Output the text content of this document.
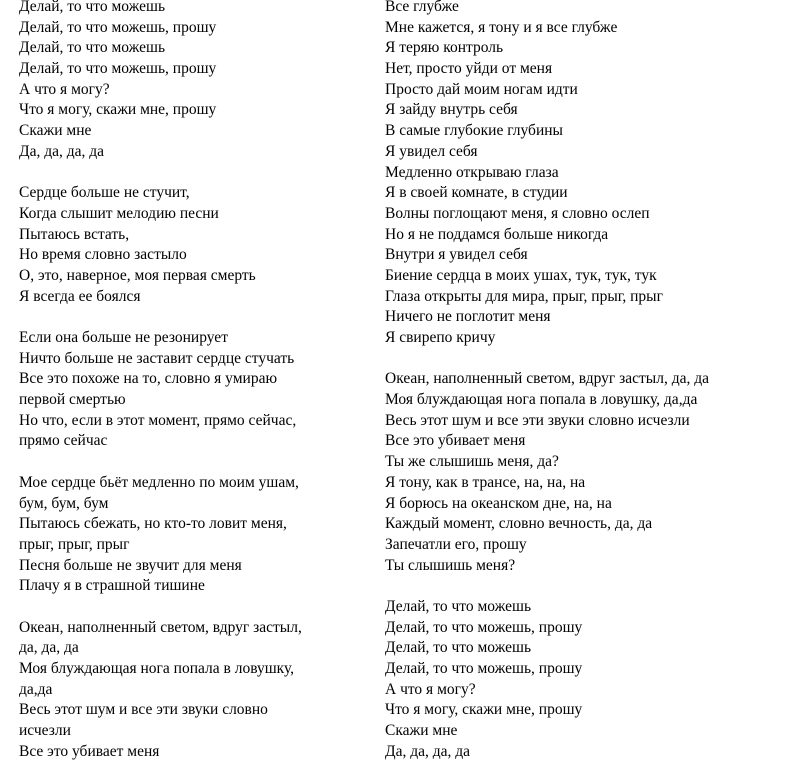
Делай, то что можешь
Делай, то что можешь, прошу
Делай, то что можешь
Делай, то что можешь, прошу
А что я могу?
Что я могу, скажи мне, прошу
Скажи мне
Да, да, да, да
Сердце больше не стучит,
Когда слышит мелодию песни
Пытаюсь встать,
Но время словно застыло
О, это, наверное, моя первая смерть
Я всегда ее боялся
Если она больше не резонирует
Ничто больше не заставит сердце стучать
Все это похоже на то, словно я умираю
первой смертью
Но что, если в этот момент, прямо сейчас,
прямо сейчас
Мое сердце бьёт медленно по моим ушам,
бум, бум, бум
Пытаюсь сбежать, но кто-то ловит меня,
прыг, прыг, прыг
Песня больше не звучит для меня
Плачу я в страшной тишине
Океан, наполненный светом, вдруг застыл,
да, да, да
Моя блуждающая нога попала в ловушку,
да,да
Весь этот шум и все эти звуки словно
исчезли
Все это убивает меня
Все глубже
Мне кажется, я тону и я все глубже
Я теряю контроль
Нет, просто уйди от меня
Просто дай моим ногам идти
Я зайду внутрь себя
В самые глубокие глубины
Я увидел себя
Медленно открываю глаза
Я в своей комнате, в студии
Волны поглощают меня, я словно ослеп
Но я не поддамся больше никогда
Внутри я увидел себя
Биение сердца в моих ушах, тук, тук, тук
Глаза открыты для мира, прыг, прыг, прыг
Ничего не поглотит меня
Я свирепо кричу
Океан, наполненный светом, вдруг застыл, да, да
Моя блуждающая нога попала в ловушку, да,да
Весь этот шум и все эти звуки словно исчезли
Все это убивает меня
Ты же слышишь меня, да?
Я тону, как в трансе, на, на, на
Я борюсь на океанском дне, на, на
Каждый момент, словно вечность, да, да
Запечатли его, прошу
Ты слышишь меня?
Делай, то что можешь
Делай, то что можешь, прошу
Делай, то что можешь
Делай, то что можешь, прошу
А что я могу?
Что я могу, скажи мне, прошу
Скажи мне
Да, да, да, да
